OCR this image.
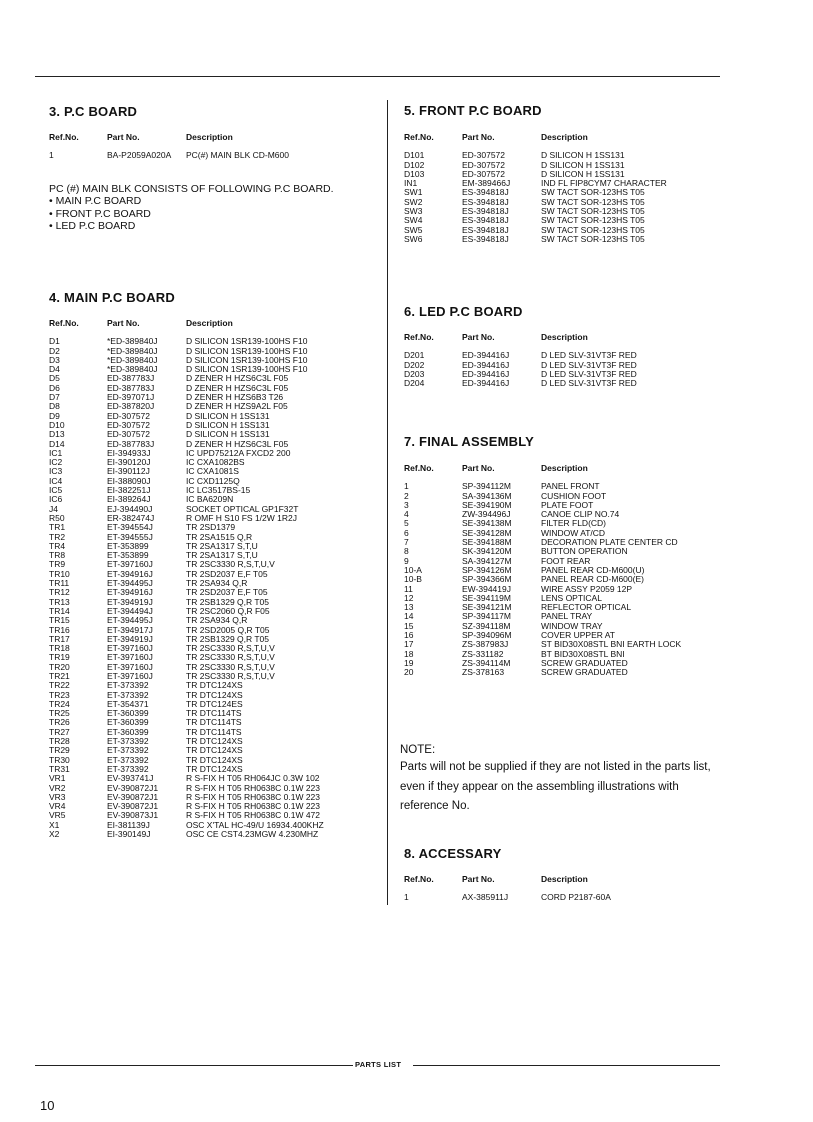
3. P.C BOARD
Ref.No.	Part No.	Description
1	BA-P2059A020A	PC(#) MAIN BLK CD-M600

PC (#) MAIN BLK CONSISTS OF FOLLOWING P.C BOARD.

• MAIN P.C BOARD

• FRONT P.C BOARD

• LED P.C BOARD

4. MAIN P.C BOARD
Ref.No.	Part No.	Description
D1	*ED-389840J	D SILICON 1SR139-100HS F10
D2	*ED-389840J	D SILICON 1SR139-100HS F10
D3	*ED-389840J	D SILICON 1SR139-100HS F10
D4	*ED-389840J	D SILICON 1SR139-100HS F10
D5	ED-387783J	D ZENER H HZS6C3L F05
D6	ED-387783J	D ZENER H HZS6C3L F05
D7	ED-397071J	D ZENER H HZS6B3 T26
D8	ED-387820J	D ZENER H HZS9A2L F05
D9	ED-307572	D SILICON H 1SS131
D10	ED-307572	D SILICON H 1SS131
D13	ED-307572	D SILICON H 1SS131
D14	ED-387783J	D ZENER H HZS6C3L F05
IC1	EI-394933J	IC UPD75212A FXCD2 200
IC2	EI-390120J	IC CXA1082BS
IC3	EI-390112J	IC CXA1081S
IC4	EI-388090J	IC CXD1125Q
IC5	EI-382251J	IC LC3517BS-15
IC6	EI-389264J	IC BA6209N
J4	EJ-394490J	SOCKET OPTICAL GP1F32T
R50	ER-382474J	R OMF H S10 FS 1/2W 1R2J
TR1	ET-394554J	TR 2SD1379
TR2	ET-394555J	TR 2SA1515 Q,R
TR4	ET-353899	TR 2SA1317 S,T,U
TR8	ET-353899	TR 2SA1317 S,T,U
TR9	ET-397160J	TR 2SC3330 R,S,T,U,V
TR10	ET-394916J	TR 2SD2037 E,F T05
TR11	ET-394495J	TR 2SA934 Q,R
TR12	ET-394916J	TR 2SD2037 E,F T05
TR13	ET-394919J	TR 2SB1329 Q,R T05
TR14	ET-394494J	TR 2SC2060 Q,R F05
TR15	ET-394495J	TR 2SA934 Q,R
TR16	ET-394917J	TR 2SD2005 Q,R T05
TR17	ET-394919J	TR 2SB1329 Q,R T05
TR18	ET-397160J	TR 2SC3330 R,S,T,U,V
TR19	ET-397160J	TR 2SC3330 R,S,T,U,V
TR20	ET-397160J	TR 2SC3330 R,S,T,U,V
TR21	ET-397160J	TR 2SC3330 R,S,T,U,V
TR22	ET-373392	TR DTC124XS
TR23	ET-373392	TR DTC124XS
TR24	ET-354371	TR DTC124ES
TR25	ET-360399	TR DTC114TS
TR26	ET-360399	TR DTC114TS
TR27	ET-360399	TR DTC114TS
TR28	ET-373392	TR DTC124XS
TR29	ET-373392	TR DTC124XS
TR30	ET-373392	TR DTC124XS
TR31	ET-373392	TR DTC124XS
VR1	EV-393741J	R S-FIX H T05 RH064JC 0.3W 102
VR2	EV-390872J1	R S-FIX H T05 RH0638C 0.1W 223
VR3	EV-390872J1	R S-FIX H T05 RH0638C 0.1W 223
VR4	EV-390872J1	R S-FIX H T05 RH0638C 0.1W 223
VR5	EV-390873J1	R S-FIX H T05 RH0638C 0.1W 472
X1	EI-381139J	OSC X'TAL HC-49/U 16934.400KHZ
X2	EI-390149J	OSC CE CST4.23MGW 4.230MHZ
5. FRONT P.C BOARD
Ref.No.	Part No.	Description
D101	ED-307572	D SILICON H 1SS131
D102	ED-307572	D SILICON H 1SS131
D103	ED-307572	D SILICON H 1SS131
IN1	EM-389466J	IND FL FIP8CYM7 CHARACTER
SW1	ES-394818J	SW TACT SOR-123HS T05
SW2	ES-394818J	SW TACT SOR-123HS T05
SW3	ES-394818J	SW TACT SOR-123HS T05
SW4	ES-394818J	SW TACT SOR-123HS T05
SW5	ES-394818J	SW TACT SOR-123HS T05
SW6	ES-394818J	SW TACT SOR-123HS T05
6. LED P.C BOARD
Ref.No.	Part No.	Description
D201	ED-394416J	D LED SLV-31VT3F RED
D202	ED-394416J	D LED SLV-31VT3F RED
D203	ED-394416J	D LED SLV-31VT3F RED
D204	ED-394416J	D LED SLV-31VT3F RED
7. FINAL ASSEMBLY
Ref.No.	Part No.	Description
1	SP-394112M	PANEL FRONT
2	SA-394136M	CUSHION FOOT
3	SE-394190M	PLATE FOOT
4	ZW-394496J	CANOE CLIP NO.74
5	SE-394138M	FILTER FLD(CD)
6	SE-394128M	WINDOW AT/CD
7	SE-394188M	DECORATION PLATE CENTER CD
8	SK-394120M	BUTTON OPERATION
9	SA-394127M	FOOT REAR
10-A	SP-394126M	PANEL REAR CD-M600(U)
10-B	SP-394366M	PANEL REAR CD-M600(E)
11	EW-394419J	WIRE ASSY P2059 12P
12	SE-394119M	LENS OPTICAL
13	SE-394121M	REFLECTOR OPTICAL
14	SP-394117M	PANEL TRAY
15	SZ-394118M	WINDOW TRAY
16	SP-394096M	COVER UPPER AT
17	ZS-387983J	ST BID30X08STL BNI EARTH LOCK
18	ZS-331182	BT BID30X08STL BNI
19	ZS-394114M	SCREW GRADUATED
20	ZS-378163	SCREW GRADUATED

NOTE:

Parts will not be supplied if they are not listed in the parts list, even if they appear on the assembling illustrations with reference No.

8. ACCESSARY
Ref.No.	Part No.	Description
1	AX-385911J	CORD P2187-60A
PARTS LIST
10
